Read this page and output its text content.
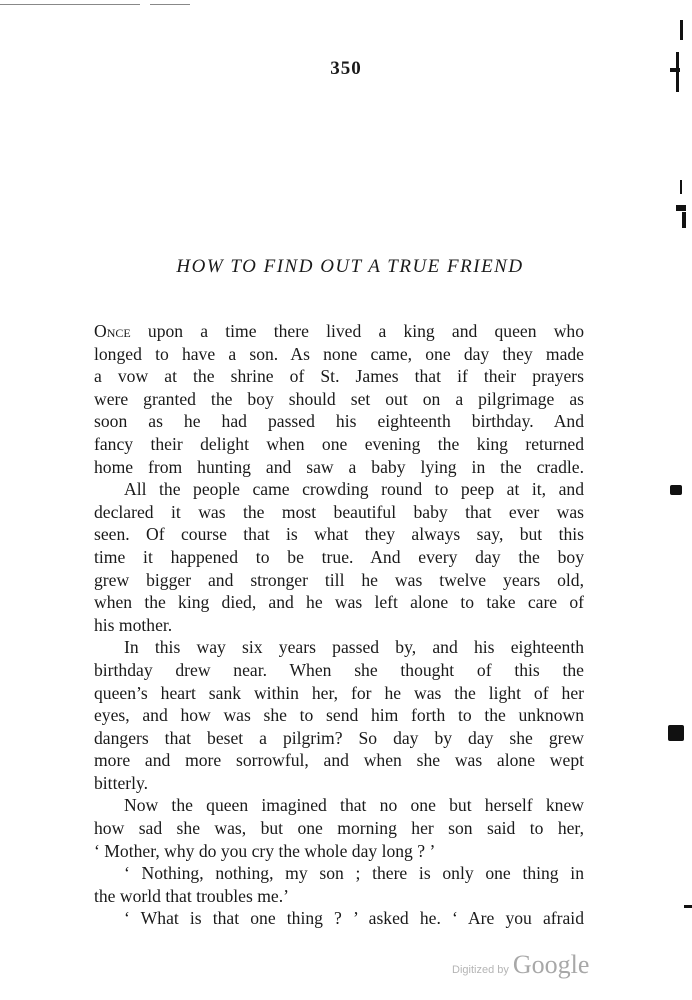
350
HOW TO FIND OUT A TRUE FRIEND

Once upon a time there lived a king and queen who
longed to have a son. As none came, one day they made
a vow at the shrine of St. James that if their prayers
were granted the boy should set out on a pilgrimage as
soon as he had passed his eighteenth birthday. And
fancy their delight when one evening the king returned
home from hunting and saw a baby lying in the cradle.

All the people came crowding round to peep at it, and
declared it was the most beautiful baby that ever was
seen. Of course that is what they always say, but this
time it happened to be true. And every day the boy
grew bigger and stronger till he was twelve years old,
when the king died, and he was left alone to take care of
his mother.

In this way six years passed by, and his eighteenth
birthday drew near. When she thought of this the
queen’s heart sank within her, for he was the light of her
eyes, and how was she to send him forth to the unknown
dangers that beset a pilgrim? So day by day she grew
more and more sorrowful, and when she was alone wept
bitterly.

Now the queen imagined that no one but herself knew
how sad she was, but one morning her son said to her,
‘ Mother, why do you cry the whole day long ? ’

‘ Nothing, nothing, my son ; there is only one thing in
the world that troubles me.’

‘ What is that one thing ? ’ asked he. ‘ Are you afraid

Digitized by Google
